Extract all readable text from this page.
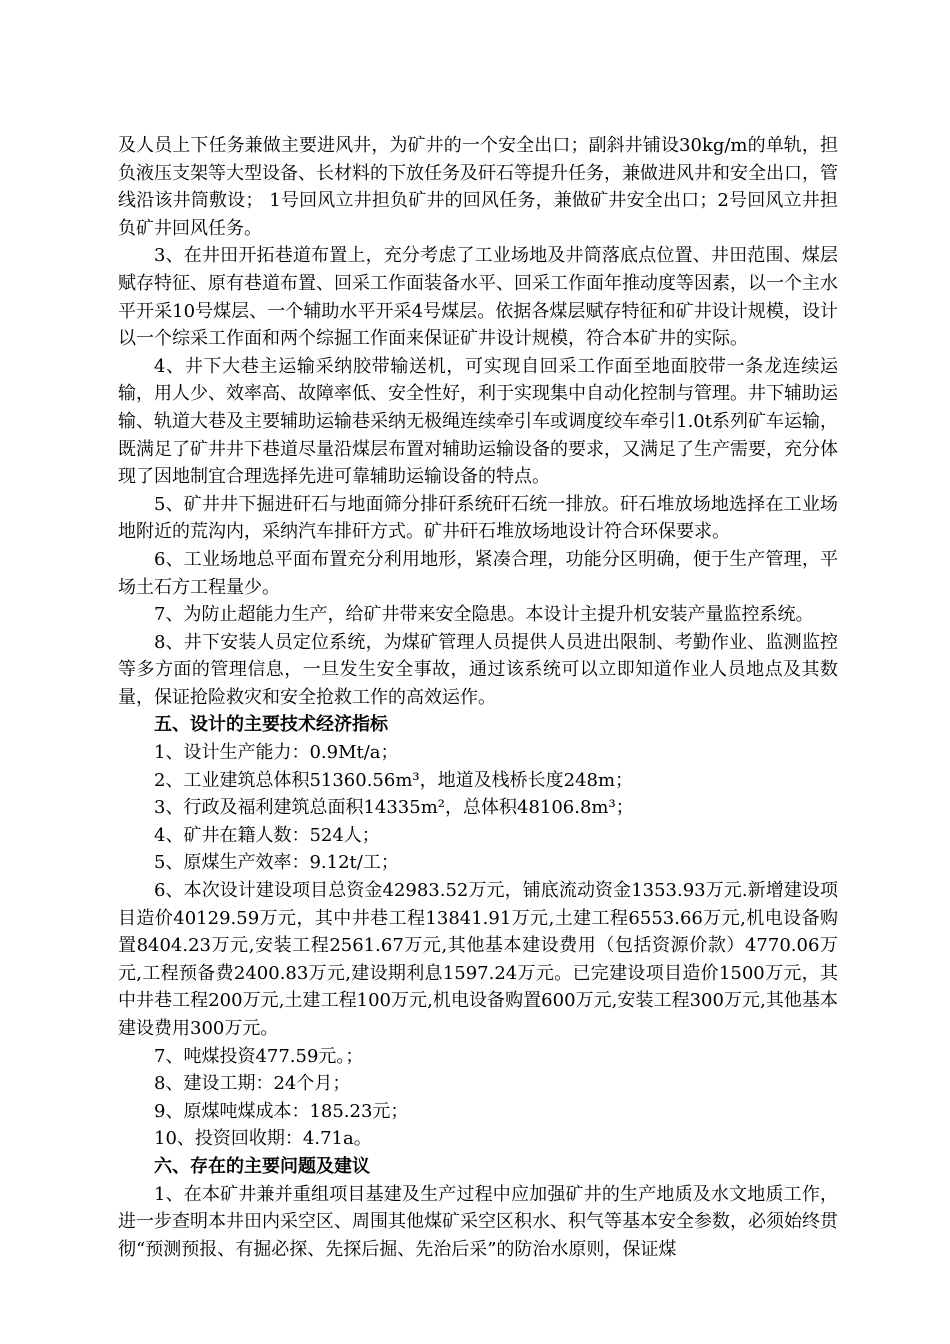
及人员上下任务兼做主要进风井，为矿井的一个安全出口；副斜井铺设30kg/m的单轨，担负液压支架等大型设备、长材料的下放任务及矸石等提升任务，兼做进风井和安全出口，管线沿该井筒敷设； 1号回风立井担负矿井的回风任务，兼做矿井安全出口；2号回风立井担负矿井回风任务。

3、在井田开拓巷道布置上，充分考虑了工业场地及井筒落底点位置、井田范围、煤层赋存特征、原有巷道布置、回采工作面装备水平、回采工作面年推动度等因素，以一个主水平开采10号煤层、一个辅助水平开采4号煤层。依据各煤层赋存特征和矿井设计规模，设计以一个综采工作面和两个综掘工作面来保证矿井设计规模，符合本矿井的实际。

4、井下大巷主运输采纳胶带输送机，可实现自回采工作面至地面胶带一条龙连续运输，用人少、效率高、故障率低、安全性好，利于实现集中自动化控制与管理。井下辅助运输、轨道大巷及主要辅助运输巷采纳无极绳连续牵引车或调度绞车牵引1.0t系列矿车运输，既满足了矿井井下巷道尽量沿煤层布置对辅助运输设备的要求，又满足了生产需要，充分体现了因地制宜合理选择先进可靠辅助运输设备的特点。

5、矿井井下掘进矸石与地面筛分排矸系统矸石统一排放。矸石堆放场地选择在工业场地附近的荒沟内，采纳汽车排矸方式。矿井矸石堆放场地设计符合环保要求。

6、工业场地总平面布置充分利用地形，紧凑合理，功能分区明确，便于生产管理，平场土石方工程量少。

7、为防止超能力生产，给矿井带来安全隐患。本设计主提升机安装产量监控系统。

8、井下安装人员定位系统，为煤矿管理人员提供人员进出限制、考勤作业、监测监控等多方面的管理信息，一旦发生安全事故，通过该系统可以立即知道作业人员地点及其数量，保证抢险救灾和安全抢救工作的高效运作。

五、设计的主要技术经济指标

1、设计生产能力：0.9Mt/a；

2、工业建筑总体积51360.56m³，地道及栈桥长度248m；

3、行政及福利建筑总面积14335m²，总体积48106.8m³；

4、矿井在籍人数：524人；

5、原煤生产效率：9.12t/工；

6、本次设计建设项目总资金42983.52万元，铺底流动资金1353.93万元.新增建设项目造价40129.59万元，其中井巷工程13841.91万元,土建工程6553.66万元,机电设备购置8404.23万元,安装工程2561.67万元,其他基本建设费用（包括资源价款）4770.06万元,工程预备费2400.83万元,建设期利息1597.24万元。已完建设项目造价1500万元，其中井巷工程200万元,土建工程100万元,机电设备购置600万元,安装工程300万元,其他基本建设费用300万元。

7、吨煤投资477.59元。；

8、建设工期：24个月；

9、原煤吨煤成本：185.23元；

10、投资回收期：4.71a。

六、存在的主要问题及建议

1、在本矿井兼并重组项目基建及生产过程中应加强矿井的生产地质及水文地质工作，进一步查明本井田内采空区、周围其他煤矿采空区积水、积气等基本安全参数，必须始终贯彻“预测预报、有掘必探、先探后掘、先治后采”的防治水原则，保证煤
